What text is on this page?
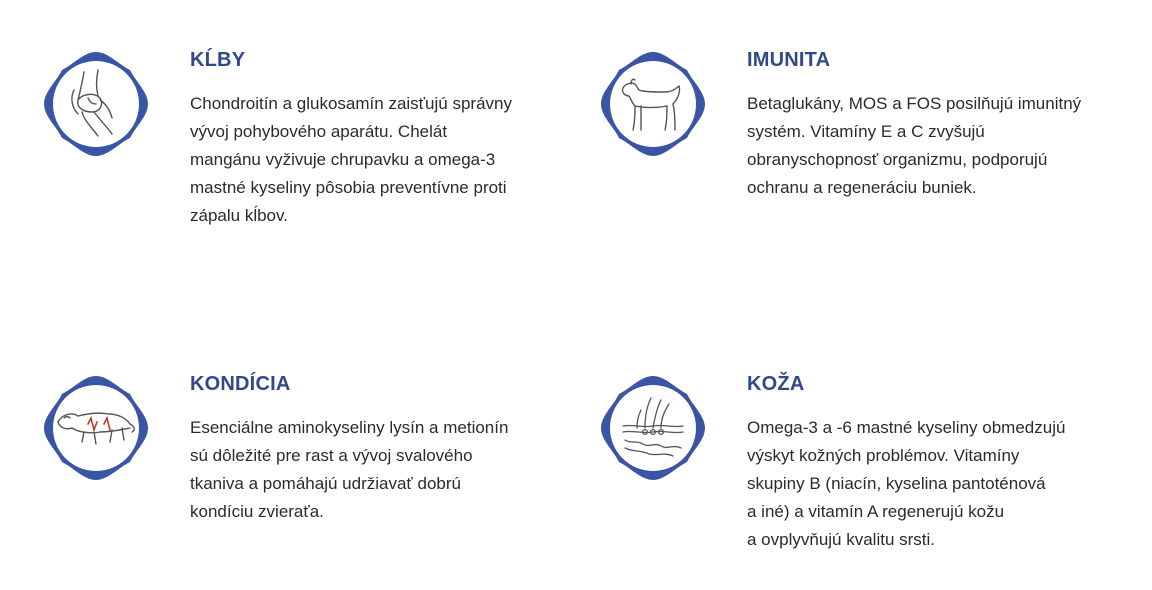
KĹBY

Chondroitín a glukosamín zaisťujú správny
vývoj pohybového aparátu. Chelát
mangánu vyživuje chrupavku a omega-3
mastné kyseliny pôsobia preventívne proti
zápalu kĺbov.

IMUNITA

Betaglukány, MOS a FOS posilňujú imunitný
systém. Vitamíny E a C zvyšujú
obranyschopnosť organizmu, podporujú
ochranu a regeneráciu buniek.

KONDÍCIA

Esenciálne aminokyseliny lysín a metionín
sú dôležité pre rast a vývoj svalového
tkaniva a pomáhajú udržiavať dobrú
kondíciu zvieraťa.

KOŽA

Omega-3 a -6 mastné kyseliny obmedzujú
výskyt kožných problémov. Vitamíny
skupiny B (niacín, kyselina pantoténová
a iné) a vitamín A regenerujú kožu
a ovplyvňujú kvalitu srsti.
